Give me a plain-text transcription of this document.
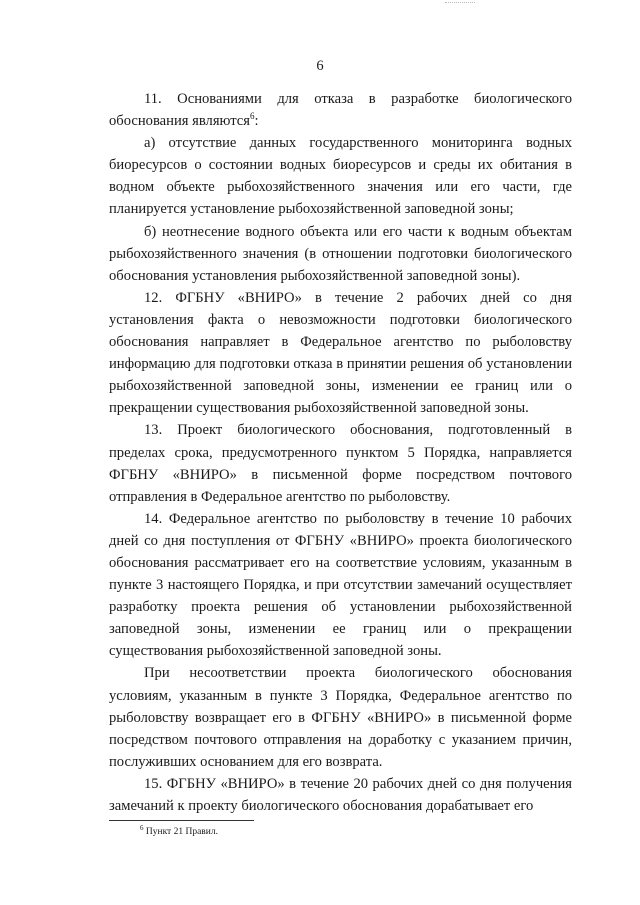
6

11. Основаниями для отказа в разработке биологического обоснования являются$^6$:

а) отсутствие данных государственного мониторинга водных биоресурсов о состоянии водных биоресурсов и среды их обитания в водном объекте рыбохозяйственного значения или его части, где планируется установление рыбохозяйственной заповедной зоны;

б) неотнесение водного объекта или его части к водным объектам рыбохозяйственного значения (в отношении подготовки биологического обоснования установления рыбохозяйственной заповедной зоны).

12. ФГБНУ «ВНИРО» в течение 2 рабочих дней со дня установления факта о невозможности подготовки биологического обоснования направляет в Федеральное агентство по рыболовству информацию для подготовки отказа в принятии решения об установлении рыбохозяйственной заповедной зоны, изменении ее границ или о прекращении существования рыбохозяйственной заповедной зоны.

13. Проект биологического обоснования, подготовленный в пределах срока, предусмотренного пунктом 5 Порядка, направляется ФГБНУ «ВНИРО» в письменной форме посредством почтового отправления в Федеральное агентство по рыболовству.

14. Федеральное агентство по рыболовству в течение 10 рабочих дней со дня поступления от ФГБНУ «ВНИРО» проекта биологического обоснования рассматривает его на соответствие условиям, указанным в пункте 3 настоящего Порядка, и при отсутствии замечаний осуществляет разработку проекта решения об установлении рыбохозяйственной заповедной зоны, изменении ее границ или о прекращении существования рыбохозяйственной заповедной зоны.

При несоответствии проекта биологического обоснования условиям, указанным в пункте 3 Порядка, Федеральное агентство по рыболовству возвращает его в ФГБНУ «ВНИРО» в письменной форме посредством почтового отправления на доработку с указанием причин, послуживших основанием для его возврата.

15. ФГБНУ «ВНИРО» в течение 20 рабочих дней со дня получения замечаний к проекту биологического обоснования дорабатывает его

$^6$ Пункт 21 Правил.
